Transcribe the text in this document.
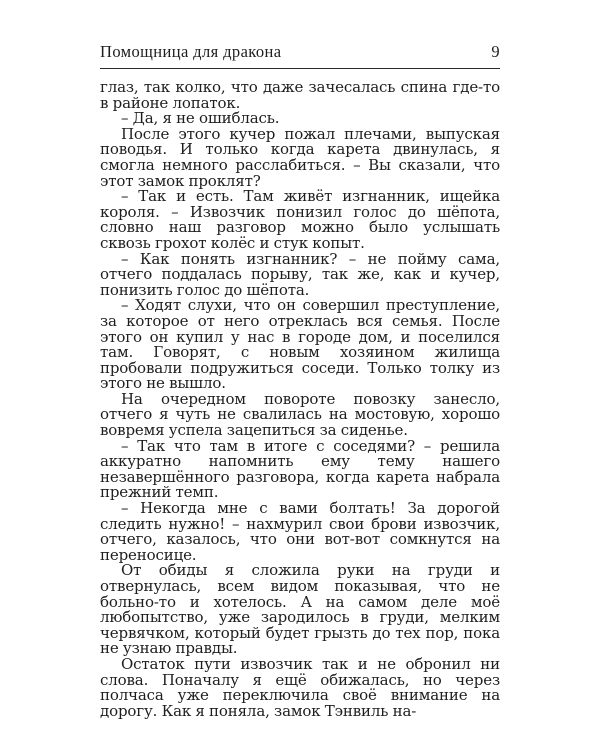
Помощница для дракона	9

глаз, так колко, что даже зачесалась спина где-то в районе лопаток.

– Да, я не ошиблась.

После этого кучер пожал плечами, выпуская поводья. И только когда карета двинулась, я смогла немного расслабиться. – Вы сказали, что этот замок проклят?

– Так и есть. Там живёт изгнанник, ищейка короля. – Извозчик понизил голос до шёпота, словно наш разговор можно было услышать сквозь грохот колёс и стук копыт.

– Как понять изгнанник? – не пойму сама, отчего поддалась порыву, так же, как и кучер, понизить голос до шёпота.

– Ходят слухи, что он совершил преступление, за которое от него отреклась вся семья. После этого он купил у нас в городе дом, и поселился там. Говорят, с новым хозяином жилища пробовали подружиться соседи. Только толку из этого не вышло.

На очередном повороте повозку занесло, отчего я чуть не свалилась на мостовую, хорошо вовремя успела зацепиться за сиденье.

– Так что там в итоге с соседями? – решила аккуратно напомнить ему тему нашего незавершённого разговора, когда карета набрала прежний темп.

– Некогда мне с вами болтать! За дорогой следить нужно! – нахмурил свои брови извозчик, отчего, казалось, что они вот-вот сомкнутся на переносице.

От обиды я сложила руки на груди и отвернулась, всем видом показывая, что не больно-то и хотелось. А на самом деле моё любопытство, уже зародилось в груди, мелким червячком, который будет грызть до тех пор, пока не узнаю правды.

Остаток пути извозчик так и не обронил ни слова. Поначалу я ещё обижалась, но через полчаса уже переключила своё внимание на дорогу. Как я поняла, замок Тэнвиль на-
